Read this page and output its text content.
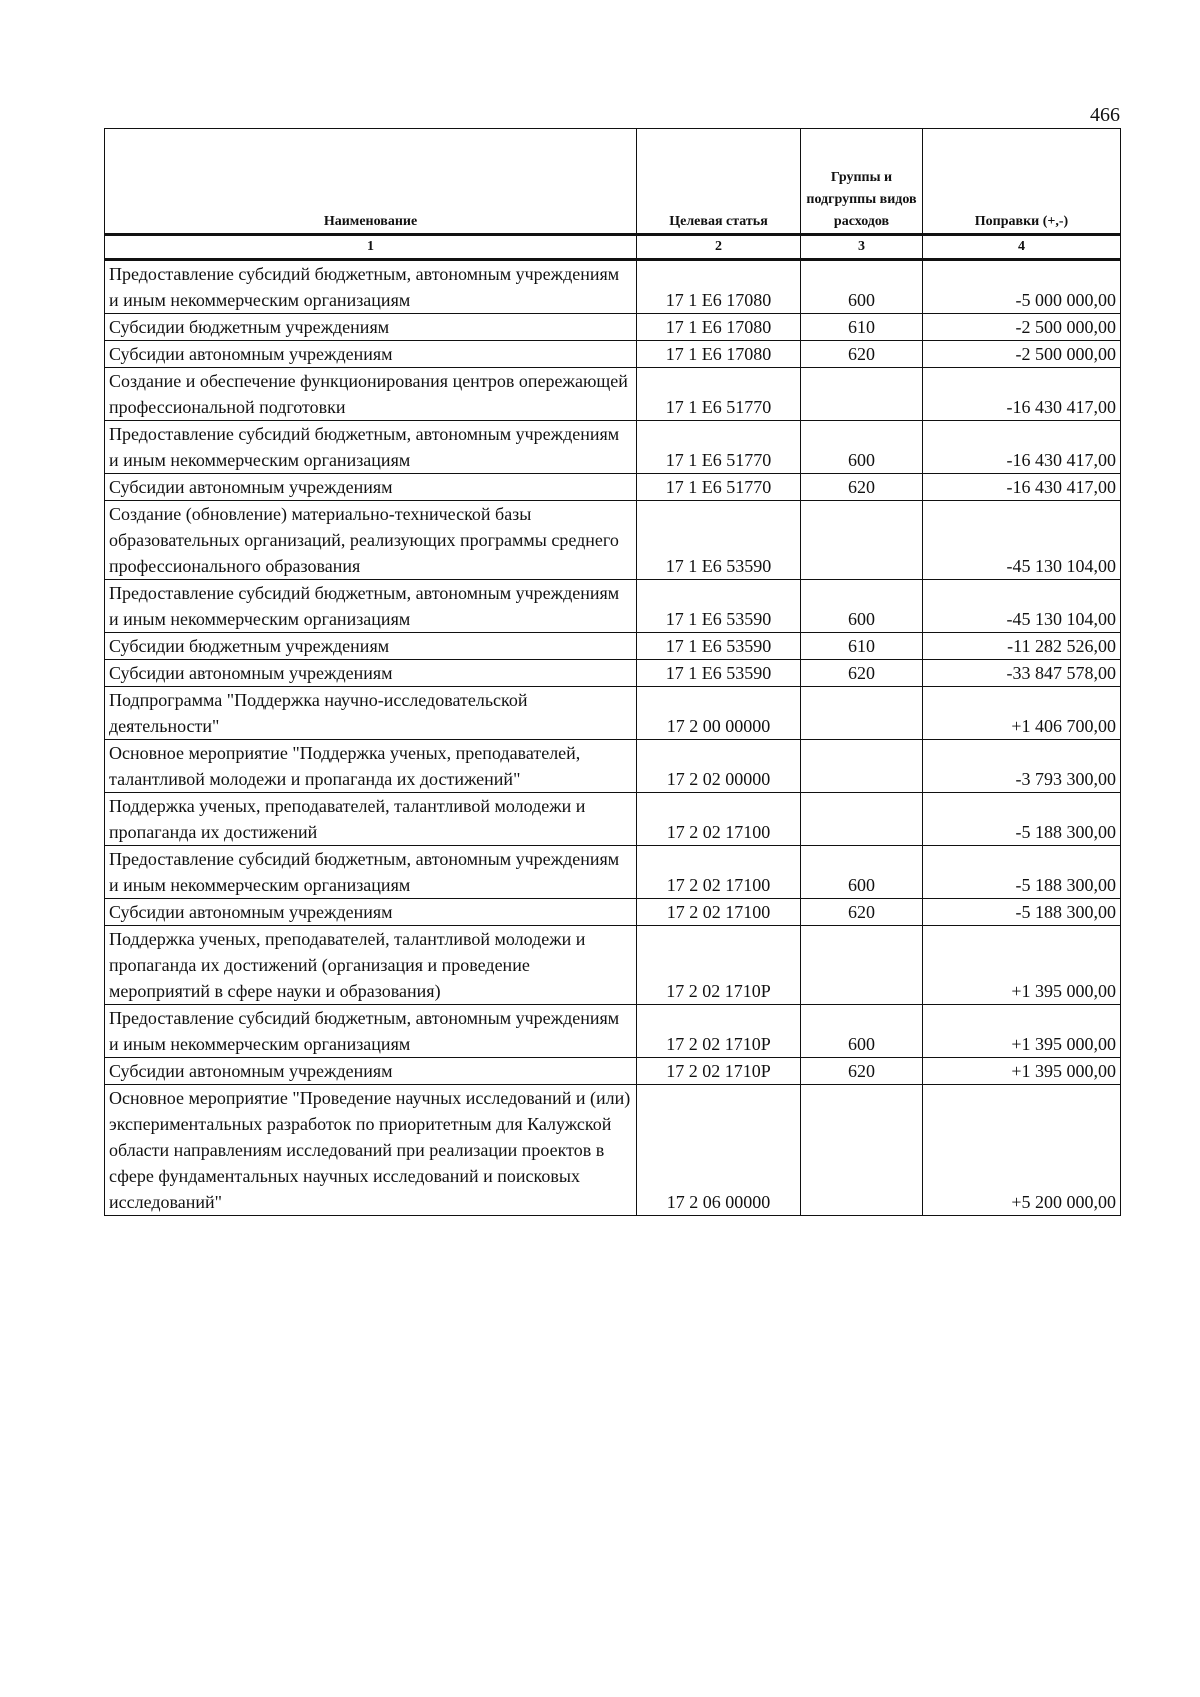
466
Наименование	Целевая статья	Группы и подгруппы видов расходов	Поправки (+,-)
1	2	3	4
Предоставление субсидий бюджетным, автономным учреждениям и иным некоммерческим организациям	17 1 E6 17080	600	-5 000 000,00
Субсидии бюджетным учреждениям	17 1 E6 17080	610	-2 500 000,00
Субсидии автономным учреждениям	17 1 E6 17080	620	-2 500 000,00
Создание и обеспечение функционирования центров опережающей профессиональной подготовки	17 1 E6 51770		-16 430 417,00
Предоставление субсидий бюджетным, автономным учреждениям и иным некоммерческим организациям	17 1 E6 51770	600	-16 430 417,00
Субсидии автономным учреждениям	17 1 E6 51770	620	-16 430 417,00
Создание (обновление) материально-технической базы образовательных организаций, реализующих программы среднего профессионального образования	17 1 E6 53590		-45 130 104,00
Предоставление субсидий бюджетным, автономным учреждениям и иным некоммерческим организациям	17 1 E6 53590	600	-45 130 104,00
Субсидии бюджетным учреждениям	17 1 E6 53590	610	-11 282 526,00
Субсидии автономным учреждениям	17 1 E6 53590	620	-33 847 578,00
Подпрограмма "Поддержка научно-исследовательской деятельности"	17 2 00 00000		+1 406 700,00
Основное мероприятие "Поддержка ученых, преподавателей, талантливой молодежи и пропаганда их достижений"	17 2 02 00000		-3 793 300,00
Поддержка ученых, преподавателей, талантливой молодежи и пропаганда их достижений	17 2 02 17100		-5 188 300,00
Предоставление субсидий бюджетным, автономным учреждениям и иным некоммерческим организациям	17 2 02 17100	600	-5 188 300,00
Субсидии автономным учреждениям	17 2 02 17100	620	-5 188 300,00
Поддержка ученых, преподавателей, талантливой молодежи и пропаганда их достижений (организация и проведение мероприятий в сфере науки и образования)	17 2 02 1710Р		+1 395 000,00
Предоставление субсидий бюджетным, автономным учреждениям и иным некоммерческим организациям	17 2 02 1710Р	600	+1 395 000,00
Субсидии автономным учреждениям	17 2 02 1710Р	620	+1 395 000,00
Основное мероприятие "Проведение научных исследований и (или) экспериментальных разработок по приоритетным для Калужской области направлениям исследований при реализации проектов в сфере фундаментальных научных исследований и поисковых исследований"	17 2 06 00000		+5 200 000,00
